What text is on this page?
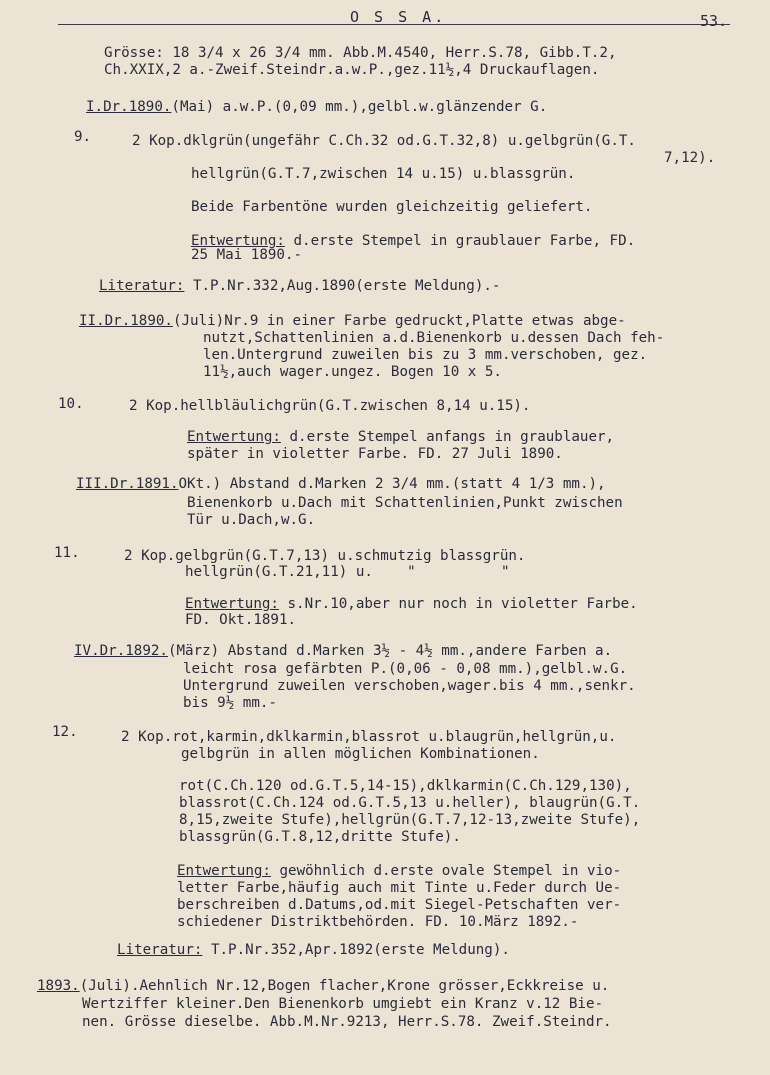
O S S A.	53.
Grösse: 18 3/4 x 26 3/4 mm. Abb.M.4540, Herr.S.78, Gibb.T.2,
Ch.XXIX,2 a.-Zweif.Steindr.a.w.P.,gez.11½,4 Druckauflagen.
I.Dr.1890.(Mai) a.w.P.(0,09 mm.),gelbl.w.glänzender G.
9.	2 Kop.dklgrün(ungefähr C.Ch.32 od.G.T.32,8) u.gelbgrün(G.T.
7,12).
hellgrün(G.T.7,zwischen 14 u.15) u.blassgrün.
Beide Farbentöne wurden gleichzeitig geliefert.
Entwertung: d.erste Stempel in graublauer Farbe, FD.
25 Mai 1890.-
Literatur: T.P.Nr.332,Aug.1890(erste Meldung).-
II.Dr.1890.(Juli)Nr.9 in einer Farbe gedruckt,Platte etwas abge-
nutzt,Schattenlinien a.d.Bienenkorb u.dessen Dach feh-
len.Untergrund zuweilen bis zu 3 mm.verschoben, gez.
11½,auch wager.ungez. Bogen 10 x 5.
10.	2 Kop.hellbläulichgrün(G.T.zwischen 8,14 u.15).
Entwertung: d.erste Stempel anfangs in graublauer,
später in violetter Farbe. FD. 27 Juli 1890.
III.Dr.1891.OKt.) Abstand d.Marken 2 3/4 mm.(statt 4 1/3 mm.),
Bienenkorb u.Dach mit Schattenlinien,Punkt zwischen
Tür u.Dach,w.G.
11.	2 Kop.gelbgrün(G.T.7,13) u.schmutzig blassgrün.
hellgrün(G.T.21,11) u.    "          "
Entwertung: s.Nr.10,aber nur noch in violetter Farbe.
FD. Okt.1891.
IV.Dr.1892.(März) Abstand d.Marken 3½ - 4½ mm.,andere Farben a.
leicht rosa gefärbten P.(0,06 - 0,08 mm.),gelbl.w.G.
Untergrund zuweilen verschoben,wager.bis 4 mm.,senkr.
bis 9½ mm.-
12.	2 Kop.rot,karmin,dklkarmin,blassrot u.blaugrün,hellgrün,u.
gelbgrün in allen möglichen Kombinationen.
rot(C.Ch.120 od.G.T.5,14-15),dklkarmin(C.Ch.129,130),
blassrot(C.Ch.124 od.G.T.5,13 u.heller), blaugrün(G.T.
8,15,zweite Stufe),hellgrün(G.T.7,12-13,zweite Stufe),
blassgrün(G.T.8,12,dritte Stufe).
Entwertung: gewöhnlich d.erste ovale Stempel in vio-
letter Farbe,häufig auch mit Tinte u.Feder durch Ue-
berschreiben d.Datums,od.mit Siegel-Petschaften ver-
schiedener Distriktbehörden. FD. 10.März 1892.-
Literatur: T.P.Nr.352,Apr.1892(erste Meldung).
1893.(Juli).Aehnlich Nr.12,Bogen flacher,Krone grösser,Eckkreise u.
Wertziffer kleiner.Den Bienenkorb umgiebt ein Kranz v.12 Bie-
nen. Grösse dieselbe. Abb.M.Nr.9213, Herr.S.78. Zweif.Steindr.
